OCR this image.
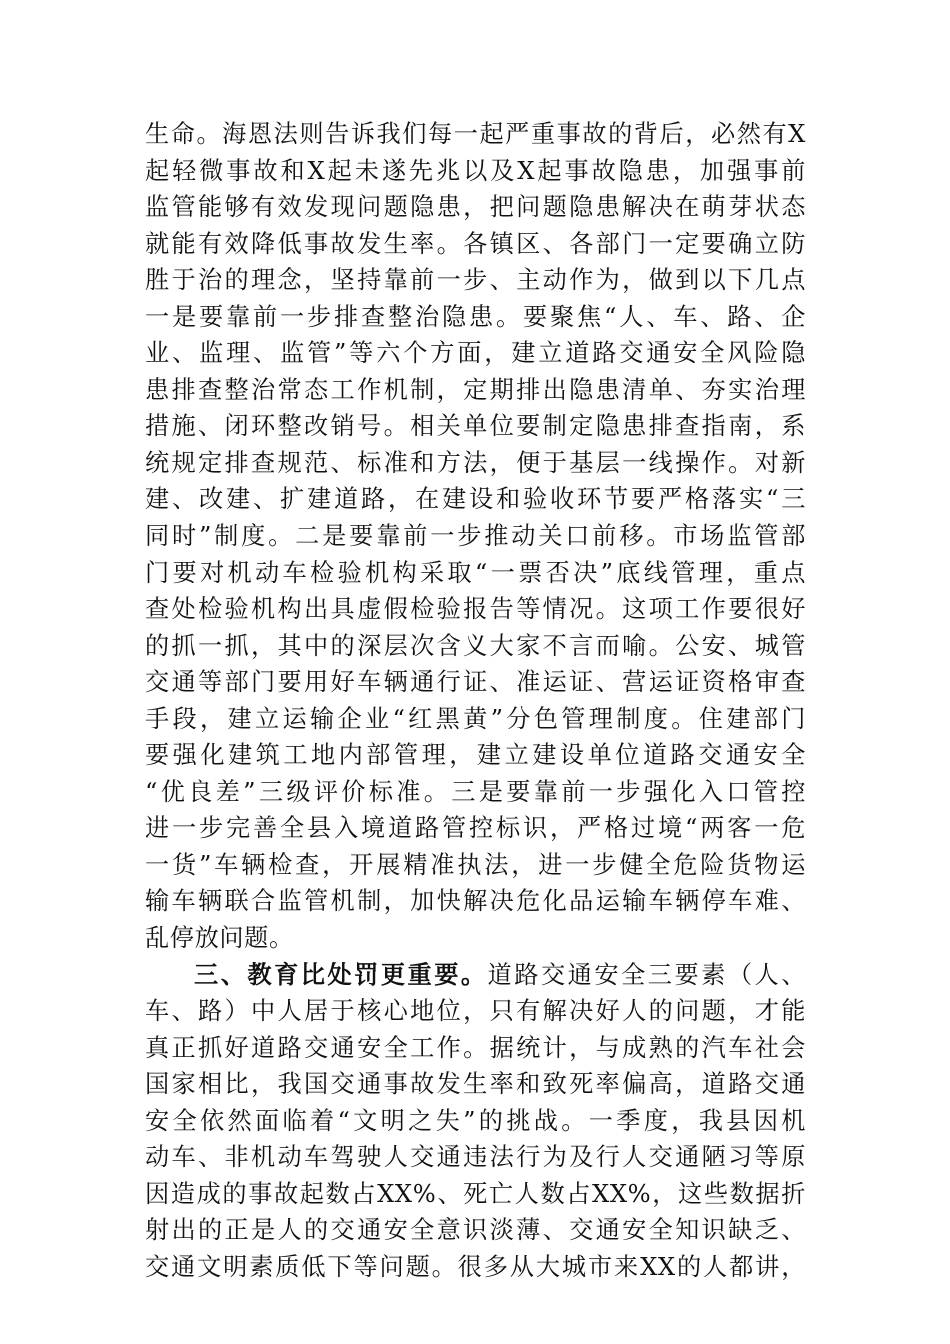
生命。海恩法则告诉我们每一起严重事故的背后，必然有X
起轻微事故和X起未遂先兆以及X起事故隐患，加强事前
监管能够有效发现问题隐患，把问题隐患解决在萌芽状态
就能有效降低事故发生率。各镇区、各部门一定要确立防
胜于治的理念，坚持靠前一步、主动作为，做到以下几点
一是要靠前一步排查整治隐患。要聚焦“人、车、路、企
业、监理、监管”等六个方面，建立道路交通安全风险隐
患排查整治常态工作机制，定期排出隐患清单、夯实治理
措施、闭环整改销号。相关单位要制定隐患排查指南，系
统规定排查规范、标准和方法，便于基层一线操作。对新
建、改建、扩建道路，在建设和验收环节要严格落实“三
同时”制度。二是要靠前一步推动关口前移。市场监管部
门要对机动车检验机构采取“一票否决”底线管理，重点
查处检验机构出具虚假检验报告等情况。这项工作要很好
的抓一抓，其中的深层次含义大家不言而喻。公安、城管
交通等部门要用好车辆通行证、准运证、营运证资格审查
手段，建立运输企业“红黑黄”分色管理制度。住建部门
要强化建筑工地内部管理，建立建设单位道路交通安全
“优良差”三级评价标准。三是要靠前一步强化入口管控
进一步完善全县入境道路管控标识，严格过境“两客一危
一货”车辆检查，开展精准执法，进一步健全危险货物运
输车辆联合监管机制，加快解决危化品运输车辆停车难、
乱停放问题。
三、教育比处罚更重要。道路交通安全三要素（人、
车、路）中人居于核心地位，只有解决好人的问题，才能
真正抓好道路交通安全工作。据统计，与成熟的汽车社会
国家相比，我国交通事故发生率和致死率偏高，道路交通
安全依然面临着“文明之失”的挑战。一季度，我县因机
动车、非机动车驾驶人交通违法行为及行人交通陋习等原
因造成的事故起数占XX%、死亡人数占XX%，这些数据折
射出的正是人的交通安全意识淡薄、交通安全知识缺乏、
交通文明素质低下等问题。很多从大城市来XX的人都讲，
